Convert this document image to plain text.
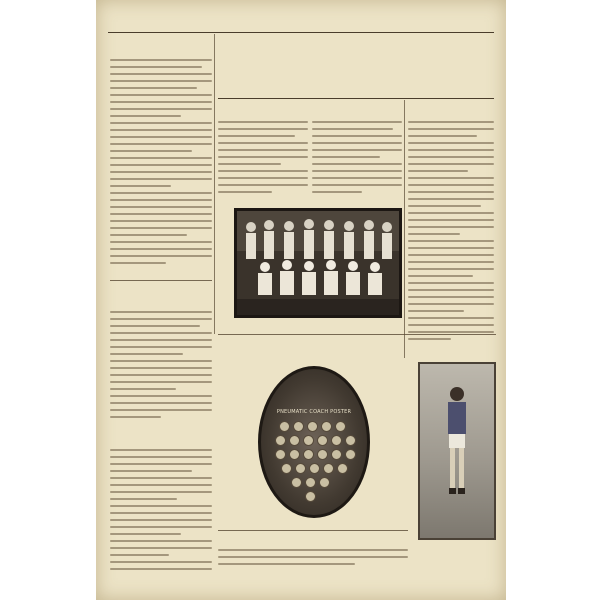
PNEUMATIC COACH POSTER
